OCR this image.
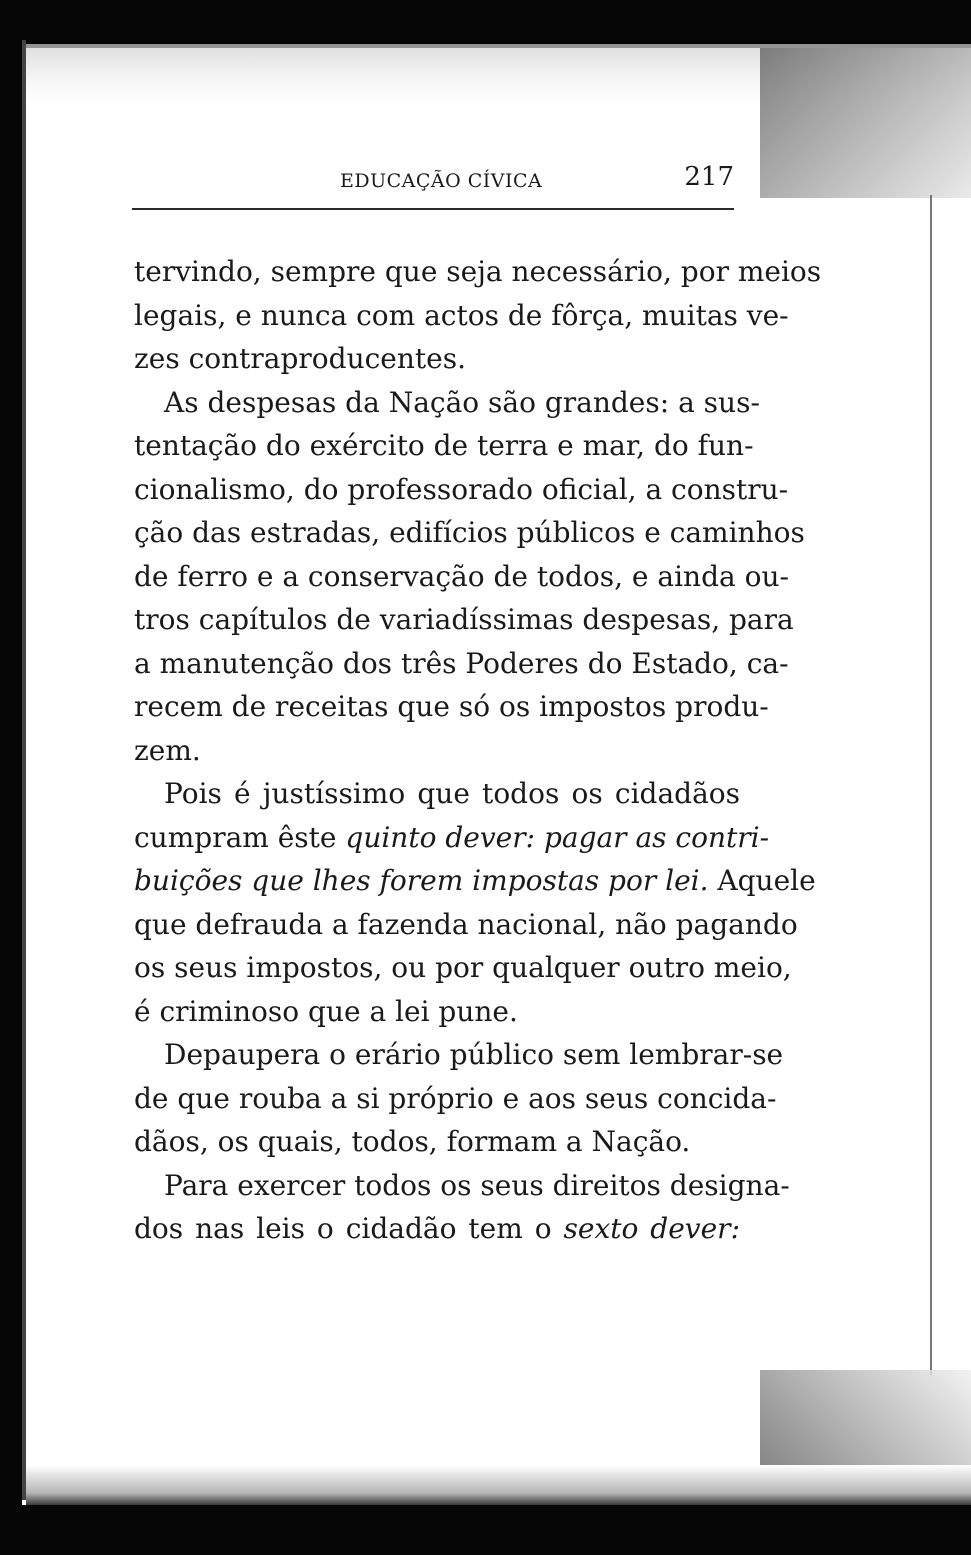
EDUCAÇÃO CÍVICA	217
tervindo, sempre que seja necessário, por meios
legais, e nunca com actos de fôrça, muitas ve-
zes contraproducentes.
As despesas da Nação são grandes: a sus-
tentação do exército de terra e mar, do fun-
cionalismo, do professorado oficial, a constru-
ção das estradas, edifícios públicos e caminhos
de ferro e a conservação de todos, e ainda ou-
tros capítulos de variadíssimas despesas, para
a manutenção dos três Poderes do Estado, ca-
recem de receitas que só os impostos produ-
zem.
Pois é justíssimo que todos os cidadãos
cumpram êste quinto dever: pagar as contri-
buições que lhes forem impostas por lei. Aquele
que defrauda a fazenda nacional, não pagando
os seus impostos, ou por qualquer outro meio,
é criminoso que a lei pune.
Depaupera o erário público sem lembrar-se
de que rouba a si próprio e aos seus concida-
dãos, os quais, todos, formam a Nação.
Para exercer todos os seus direitos designa-
dos nas leis o cidadão tem o sexto dever:
